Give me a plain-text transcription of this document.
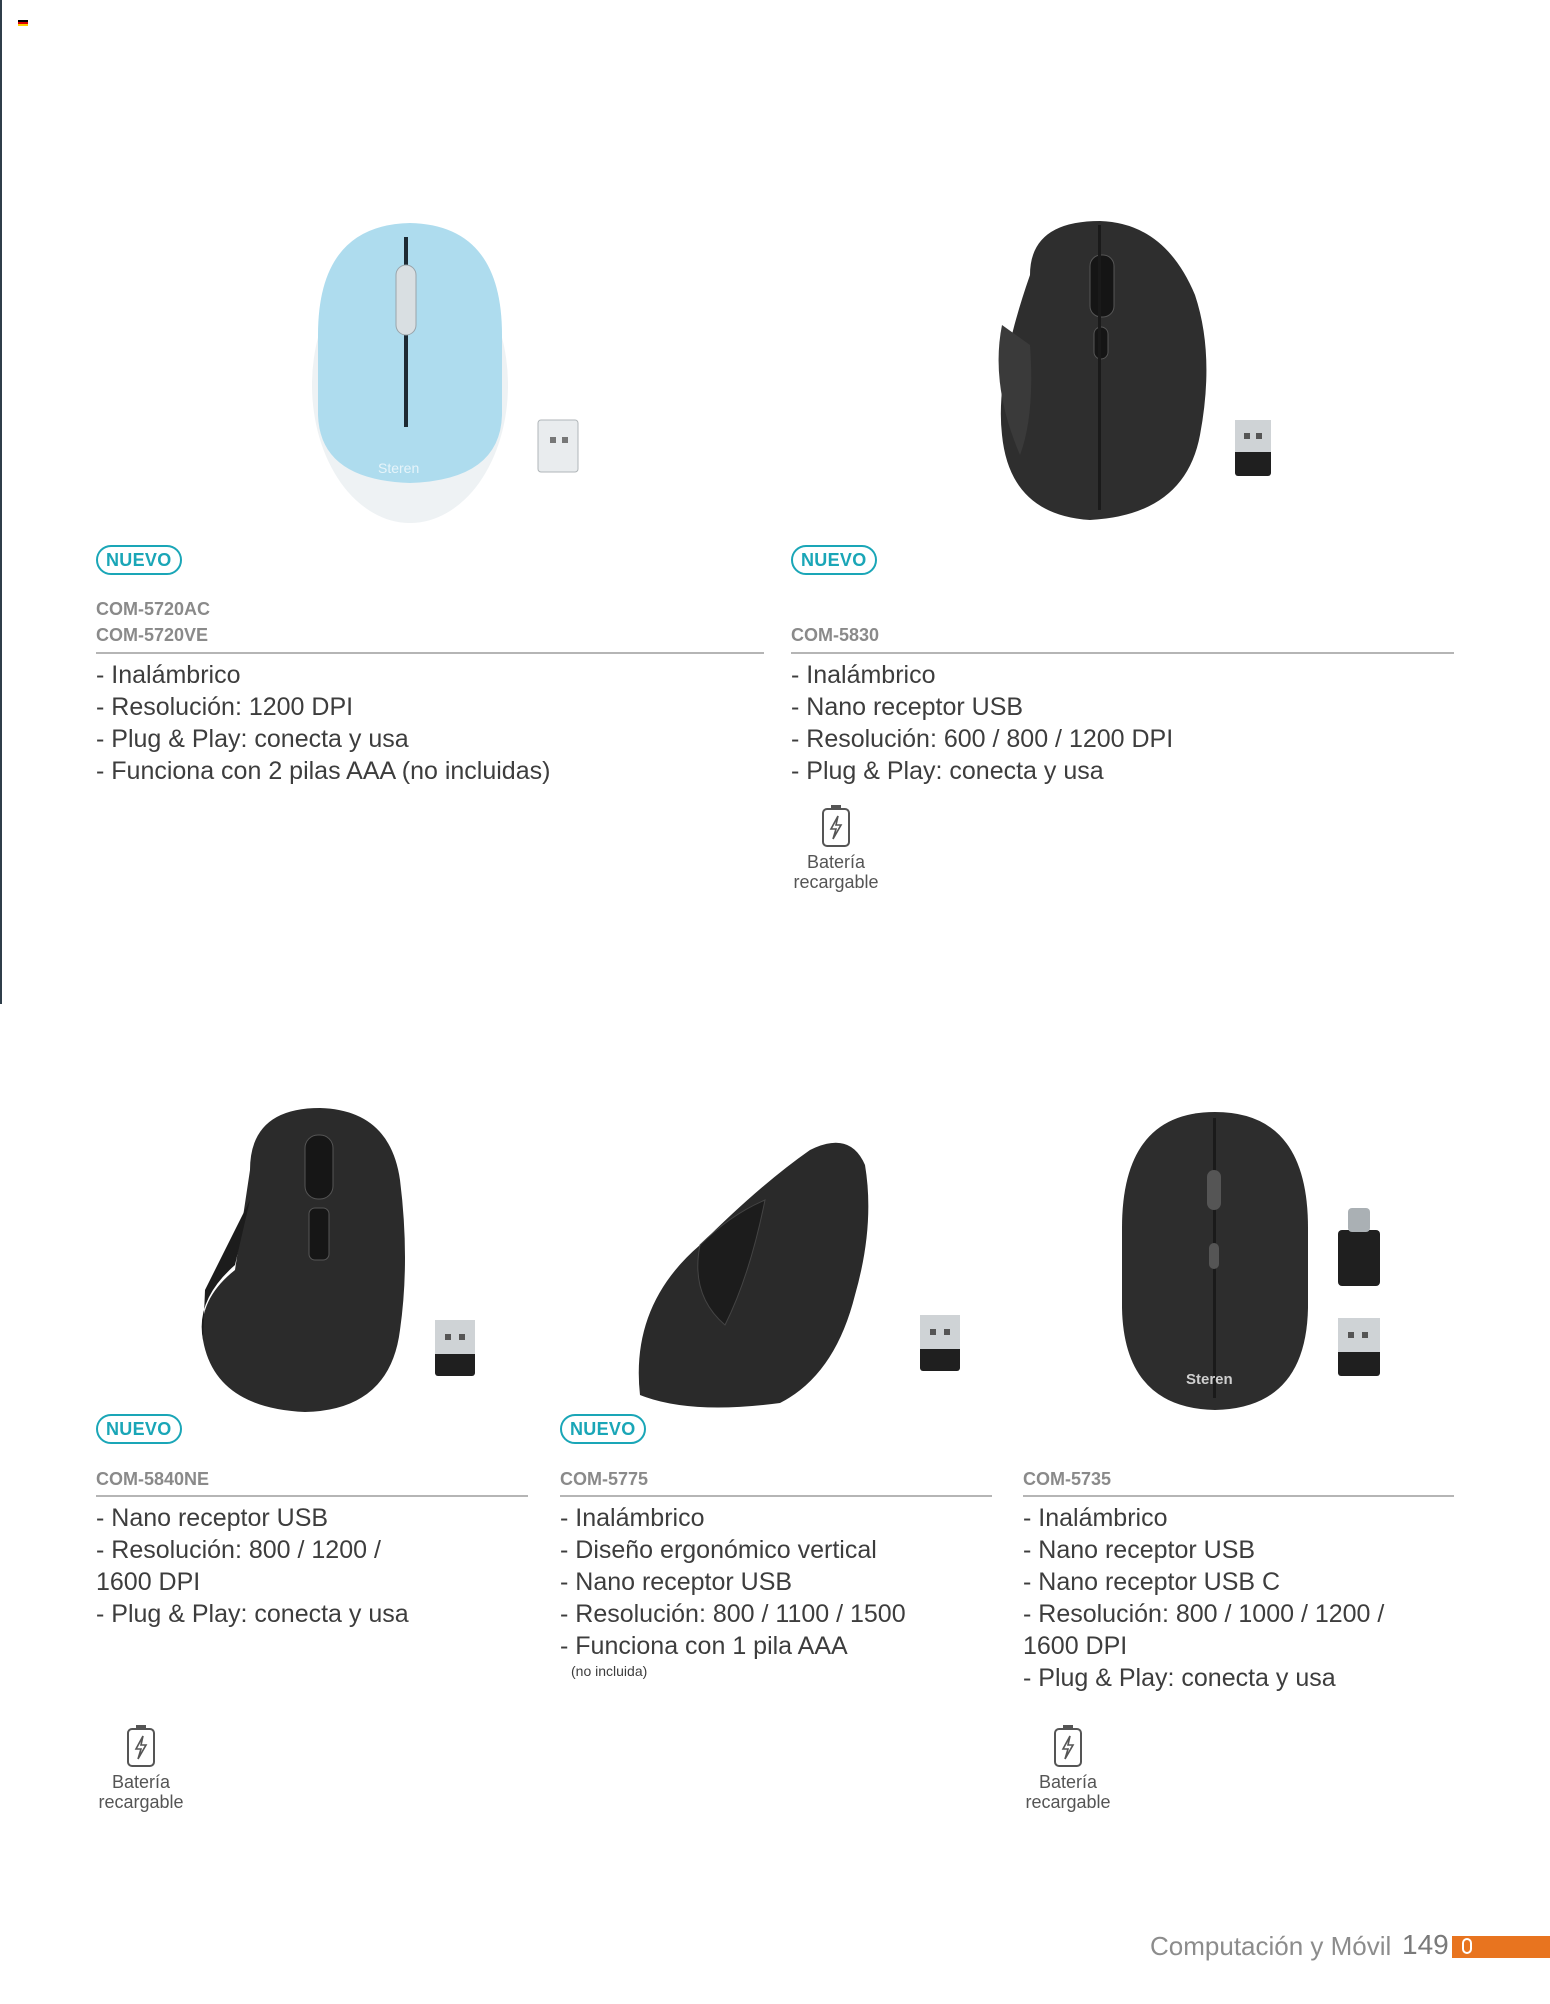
Steren
NUEVO
COM-5720AC
COM-5720VE
- Inalámbrico
- Resolución: 1200 DPI
- Plug & Play: conecta y usa
- Funciona con 2 pilas AAA (no incluidas)
NUEVO
COM-5830
- Inalámbrico
- Nano receptor USB
- Resolución: 600 / 800 / 1200 DPI
- Plug & Play: conecta y usa
Batería
recargable
NUEVO
COM-5840NE
- Nano receptor USB
- Resolución: 800 / 1200 /
1600 DPI
- Plug & Play: conecta y usa
Batería
recargable
NUEVO
COM-5775
- Inalámbrico
- Diseño ergonómico vertical
- Nano receptor USB
- Resolución: 800 / 1100 / 1500
- Funciona con 1 pila AAA
(no incluida)
Steren
COM-5735
- Inalámbrico
- Nano receptor USB
- Nano receptor USB C
- Resolución: 800 / 1000 / 1200 /
1600 DPI
- Plug & Play: conecta y usa
Batería
recargable
Computación y Móvil 149
